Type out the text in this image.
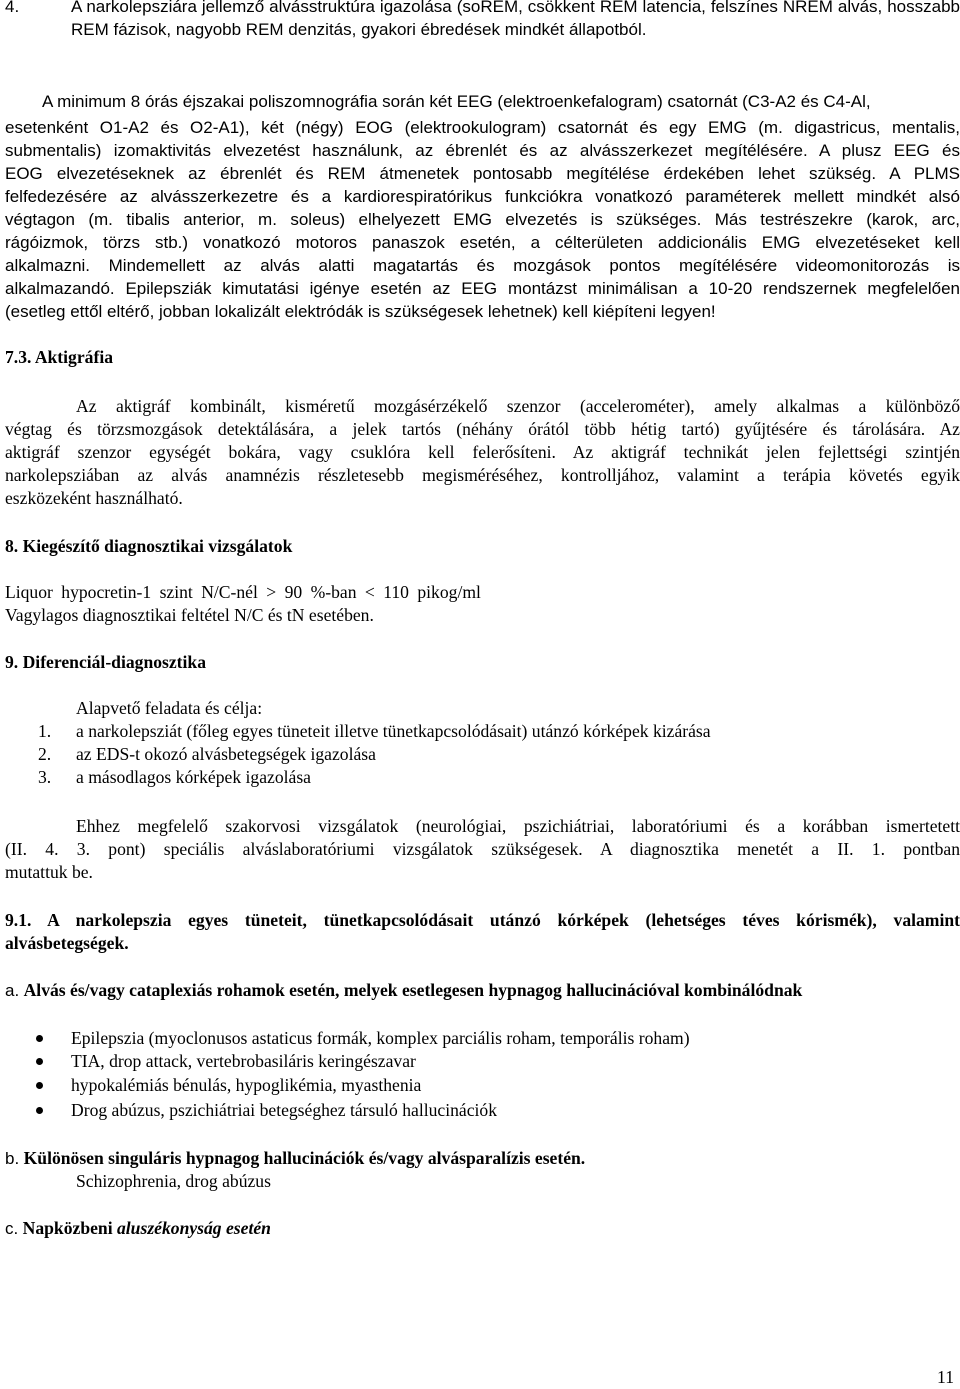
4.	A narkolepsziára jellemző alvásstruktúra igazolása (soREM, csökkent REM latencia, felszínes NREM alvás, hosszabb REM fázisok, nagyobb REM denzitás, gyakori ébredések mindkét állapotból.
A minimum 8 órás éjszakai poliszomnográfia során két EEG (elektroenkefalogram) csatornát (C3-A2 és C4-Al,
esetenként O1-A2 és O2-A1), két (négy) EOG (elektrookulogram) csatornát és egy EMG (m. digastricus, mentalis,
submentalis) izomaktivitás elvezetést használunk, az ébrenlét és az alvásszerkezet megítélésére. A plusz EEG és
EOG elvezetéseknek az ébrenlét és REM átmenetek pontosabb megítélése érdekében lehet szükség. A PLMS
felfedezésére az alvásszerkezetre és a kardiorespiratórikus funkciókra vonatkozó paraméterek mellett mindkét alsó
végtagon (m. tibalis anterior, m. soleus) elhelyezett EMG elvezetés is szükséges. Más testrészekre (karok, arc,
rágóizmok, törzs stb.) vonatkozó motoros panaszok esetén, a célterületen addicionális EMG elvezetéseket kell
alkalmazni. Mindemellett az alvás alatti magatartás és mozgások pontos megítélésére videomonitorozás is
alkalmazandó. Epilepsziák kimutatási igénye esetén az EEG montázst minimálisan a 10-20 rendszernek megfelelően
(esetleg ettől eltérő, jobban lokalizált elektródák is szükségesek lehetnek) kell kiépíteni legyen!
7.3. Aktigráfia
Az aktigráf kombinált, kisméretű mozgásérzékelő szenzor (accelerométer), amely alkalmas a különböző
végtag és törzsmozgások detektálására, a jelek tartós (néhány órától több hétig tartó) gyűjtésére és tárolására. Az
aktigráf szenzor egységét bokára, vagy csuklóra kell felerősíteni. Az aktigráf technikát jelen fejlettségi szintjén
narkolepsziában az alvás anamnézis részletesebb megisméréséhez, kontrolljához, valamint a terápia követés egyik
eszközeként használható.
8. Kiegészítő diagnosztikai vizsgálatok
Liquor hypocretin-1 szint N/C-nél > 90 %-ban < 110 pikog/ml
Vagylagos diagnosztikai feltétel N/C és tN esetében.
9. Diferenciál-diagnosztika
Alapvető feladata és célja:
1.	a narkolepsziát (főleg egyes tüneteit illetve tünetkapcsolódásait) utánzó kórképek kizárása
2.	az EDS-t okozó alvásbetegségek igazolása
3.	a másodlagos kórképek igazolása
Ehhez megfelelő szakorvosi vizsgálatok (neurológiai, pszichiátriai, laboratóriumi és a korábban ismertetett
(II. 4. 3. pont) speciális alváslaboratóriumi vizsgálatok szükségesek. A diagnosztika menetét a II. 1. pontban
mutattuk be.
9.1. A narkolepszia egyes tüneteit, tünetkapcsolódásait utánzó kórképek (lehetséges téves kórismék), valamint
alvásbetegségek.
a. Alvás és/vagy cataplexiás rohamok esetén, melyek esetlegesen hypnagog hallucinációval kombinálódnak
Epilepszia (myoclonusos astaticus formák, komplex parciális roham, temporális roham)
TIA, drop attack, vertebrobasiláris keringészavar
hypokalémiás bénulás, hypoglikémia, myasthenia
Drog abúzus, pszichiátriai betegséghez társuló hallucinációk
b. Különösen singuláris hypnagog hallucinációk és/vagy alvásparalízis esetén.
Schizophrenia, drog abúzus
c. Napközbeni aluszékonyság esetén
11
